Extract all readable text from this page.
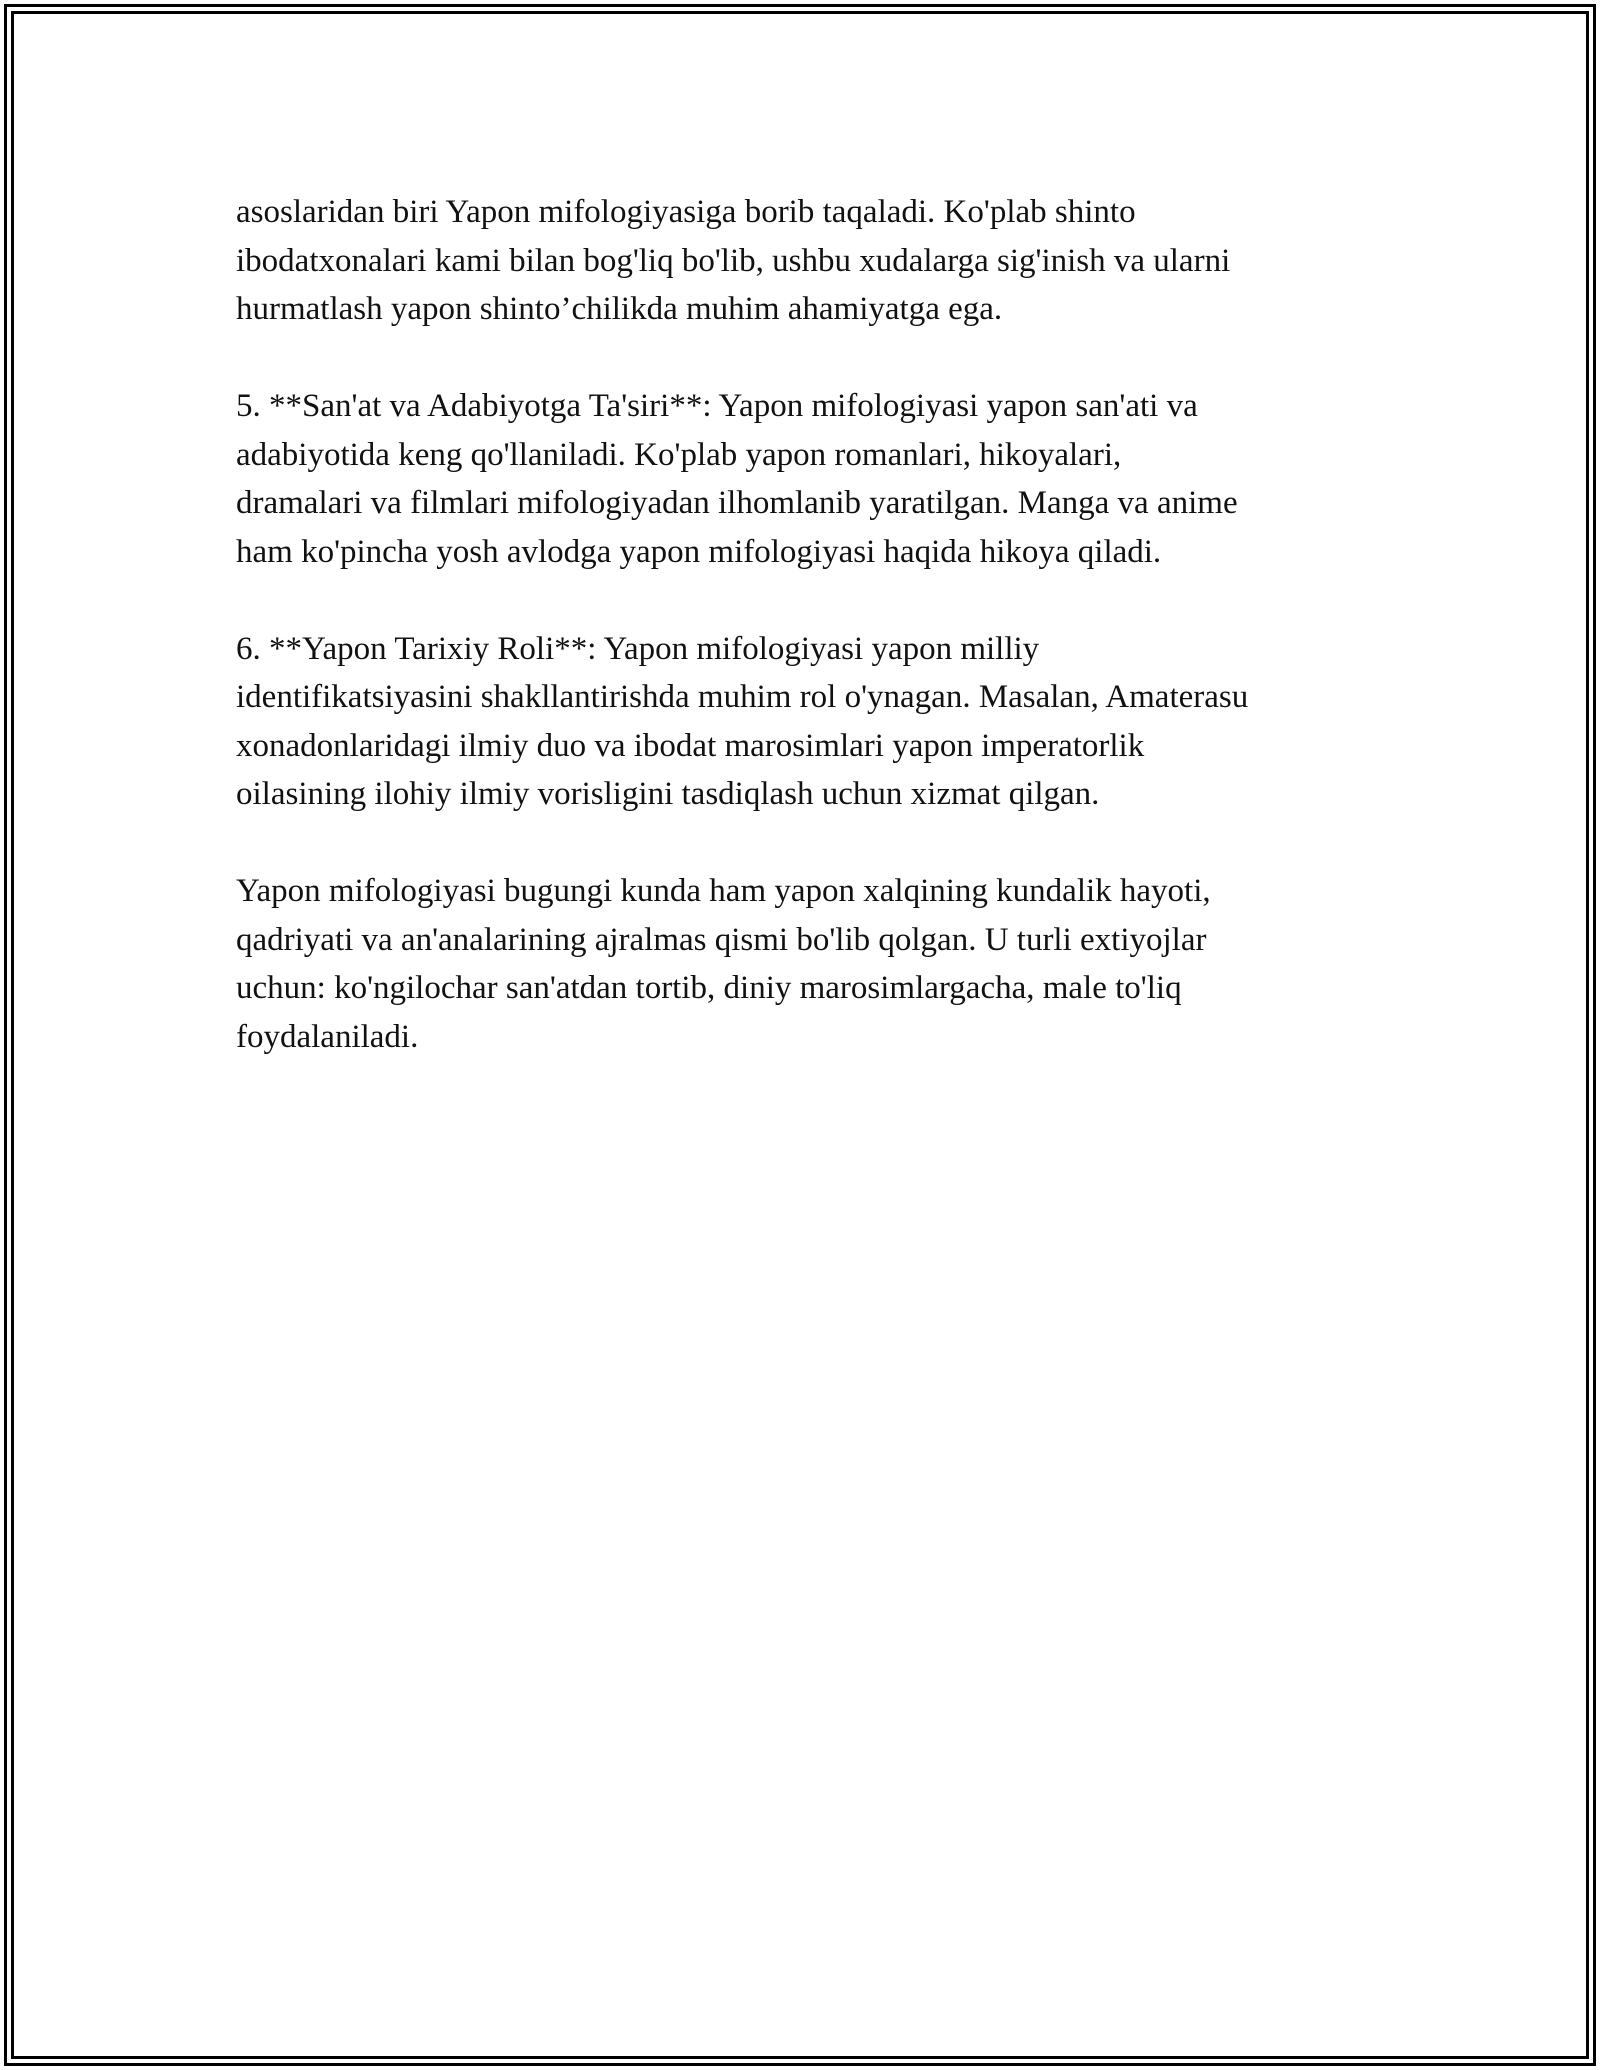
asoslaridan biri Yapon mifologiyasiga borib taqaladi. Ko'plab shinto
ibodatxonalari kami bilan bog'liq bo'lib, ushbu xudalarga sig'inish va ularni
hurmatlash yapon shinto’chilikda muhim ahamiyatga ega.

5. **San'at va Adabiyotga Ta'siri**: Yapon mifologiyasi yapon san'ati va
adabiyotida keng qo'llaniladi. Ko'plab yapon romanlari, hikoyalari,
dramalari va filmlari mifologiyadan ilhomlanib yaratilgan. Manga va anime
ham ko'pincha yosh avlodga yapon mifologiyasi haqida hikoya qiladi.

6. **Yapon Tarixiy Roli**: Yapon mifologiyasi yapon milliy
identifikatsiyasini shakllantirishda muhim rol o'ynagan. Masalan, Amaterasu
xonadonlaridagi ilmiy duo va ibodat marosimlari yapon imperatorlik
oilasining ilohiy ilmiy vorisligini tasdiqlash uchun xizmat qilgan.

Yapon mifologiyasi bugungi kunda ham yapon xalqining kundalik hayoti,
qadriyati va an'analarining ajralmas qismi bo'lib qolgan. U turli extiyojlar
uchun: ko'ngilochar san'atdan tortib, diniy marosimlargacha, male to'liq
foydalaniladi.
